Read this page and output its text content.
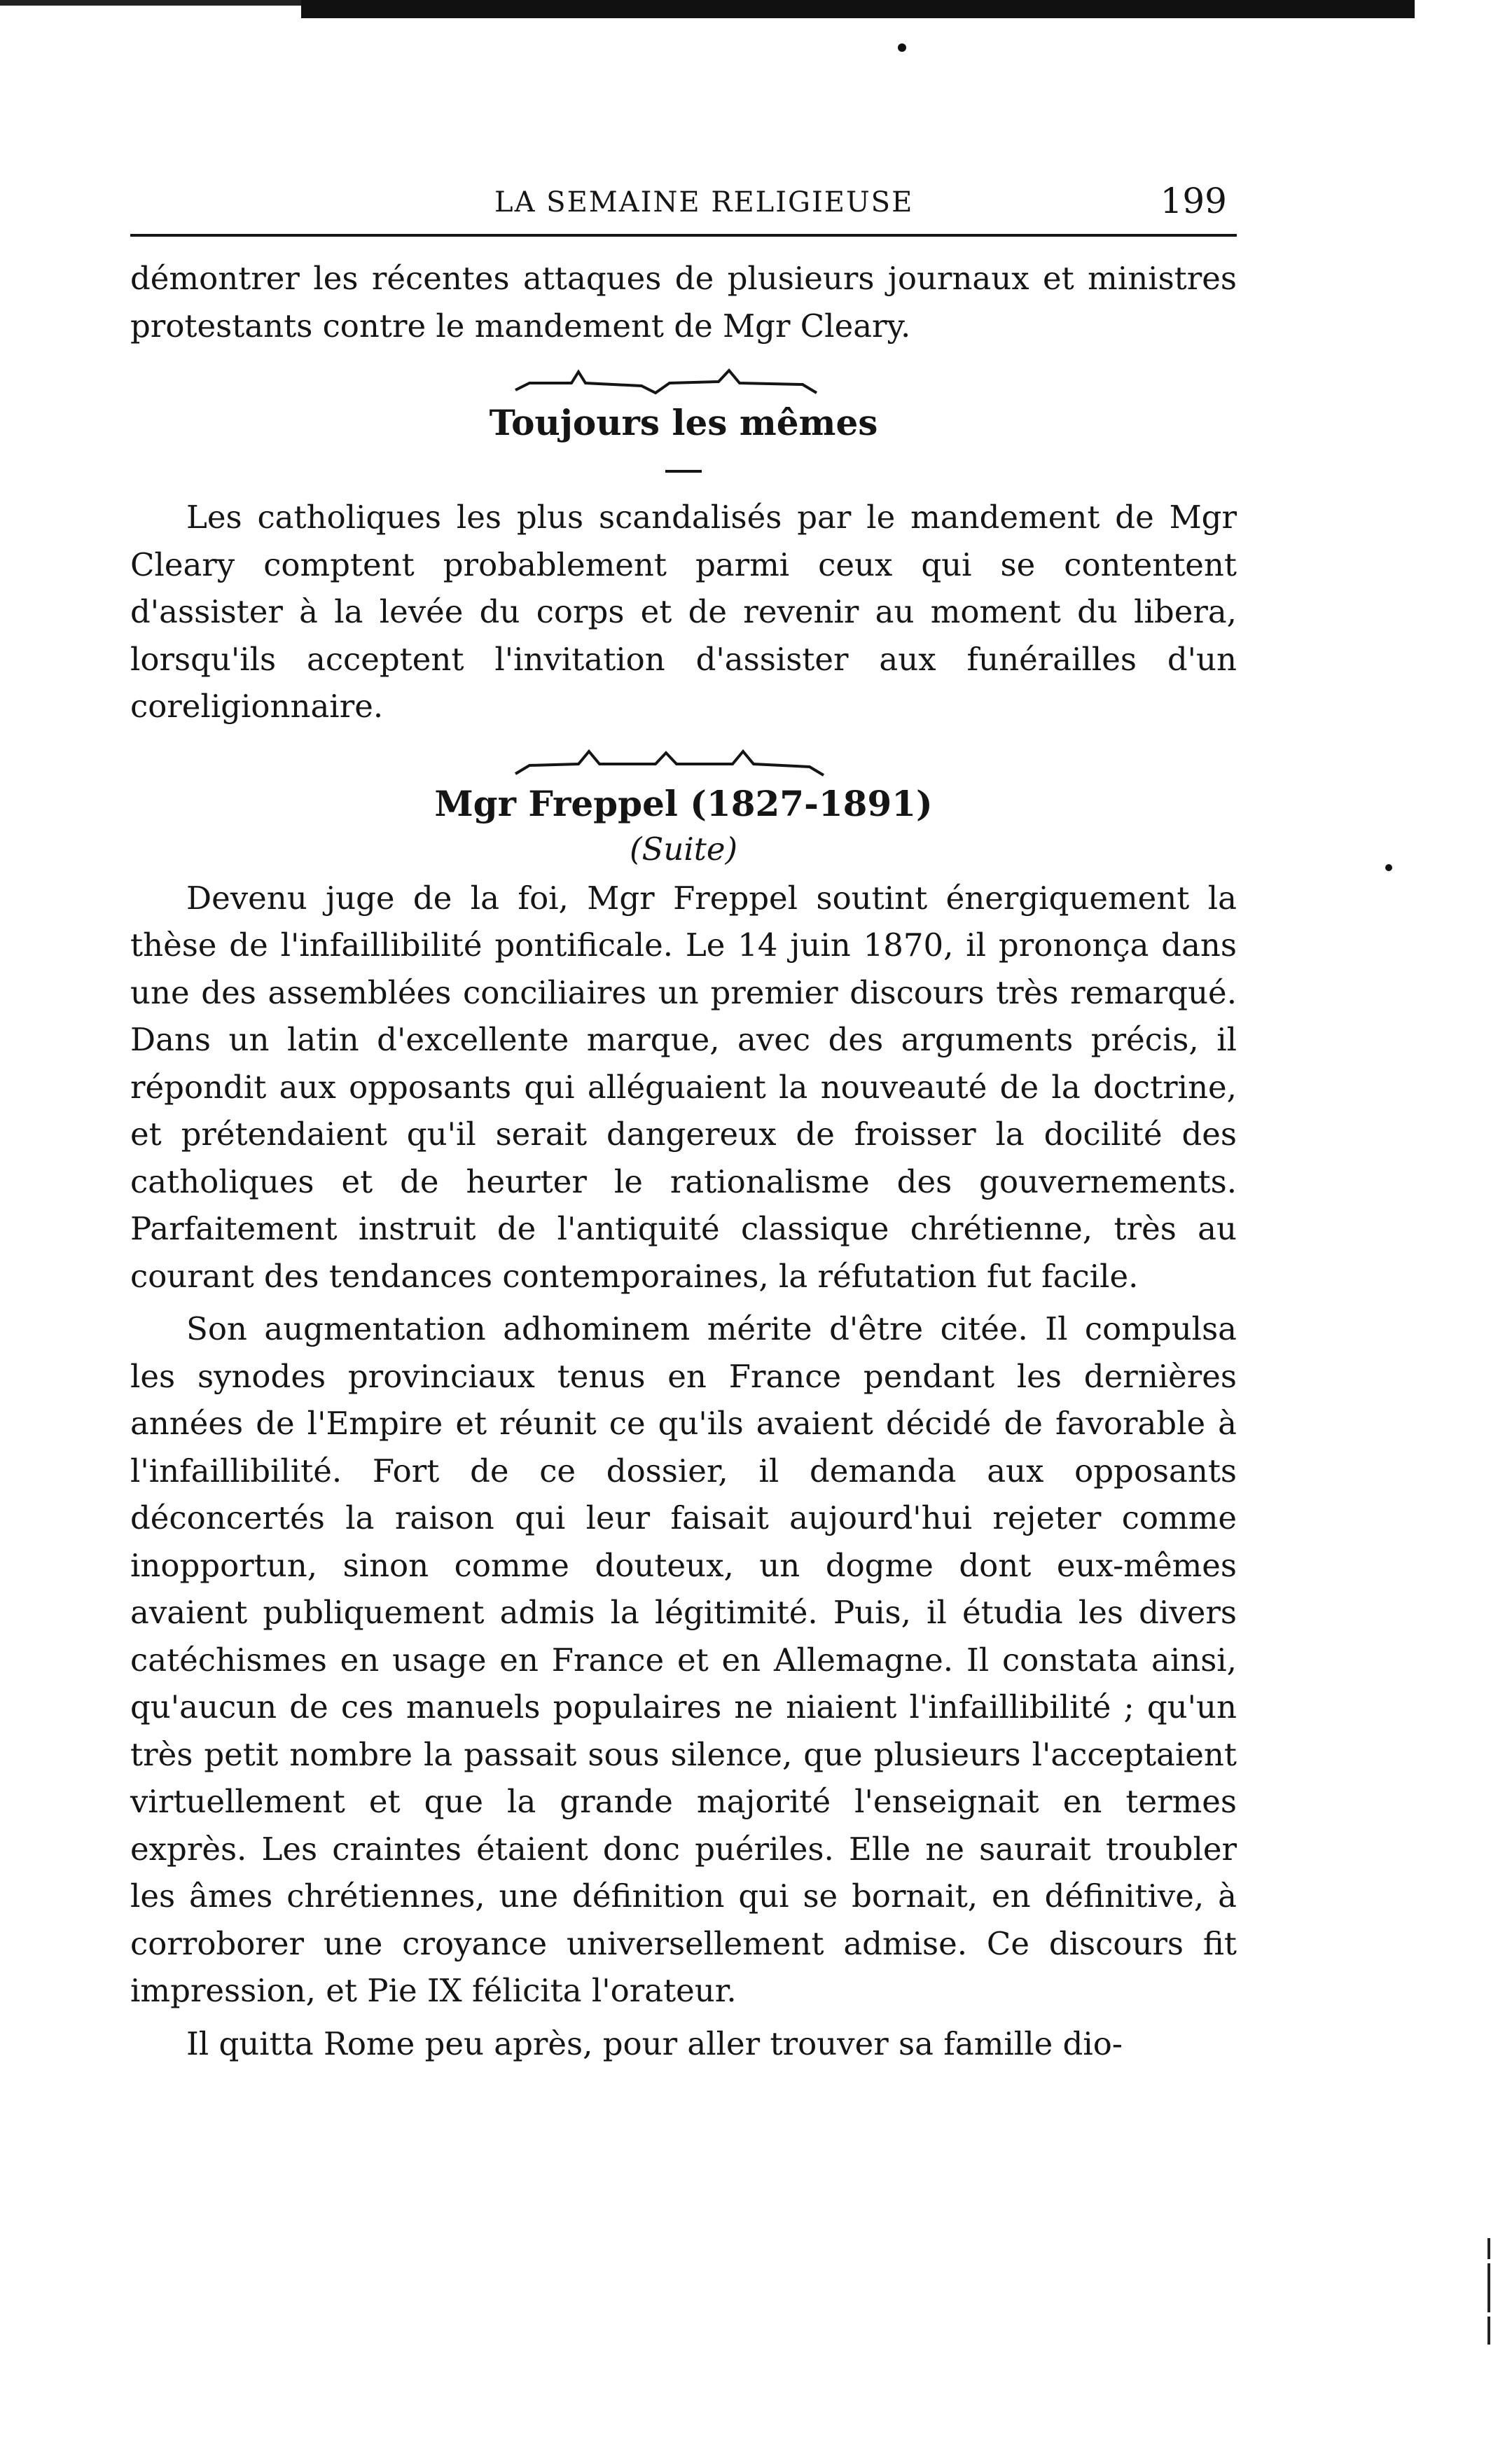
LA SEMAINE RELIGIEUSE	199

démontrer les récentes attaques de plusieurs journaux et ministres protestants contre le mandement de Mgr Cleary.

Toujours les mêmes

Les catholiques les plus scandalisés par le mandement de Mgr Cleary comptent probablement parmi ceux qui se contentent d'assister à la levée du corps et de revenir au moment du libera, lorsqu'ils acceptent l'invitation d'assister aux funérailles d'un coreligionnaire.

Mgr Freppel (1827-1891)
(Suite)

Devenu juge de la foi, Mgr Freppel soutint énergiquement la thèse de l'infaillibilité pontificale. Le 14 juin 1870, il prononça dans une des assemblées conciliaires un premier discours très remarqué. Dans un latin d'excellente marque, avec des arguments précis, il répondit aux opposants qui alléguaient la nouveauté de la doctrine, et prétendaient qu'il serait dangereux de froisser la docilité des catholiques et de heurter le rationalisme des gouvernements. Parfaitement instruit de l'antiquité classique chrétienne, très au courant des tendances contemporaines, la réfutation fut facile.

Son augmentation adhominem mérite d'être citée. Il compulsa les synodes provinciaux tenus en France pendant les dernières années de l'Empire et réunit ce qu'ils avaient décidé de favorable à l'infaillibilité. Fort de ce dossier, il demanda aux opposants déconcertés la raison qui leur faisait aujourd'hui rejeter comme inopportun, sinon comme douteux, un dogme dont eux-mêmes avaient publiquement admis la légitimité. Puis, il étudia les divers catéchismes en usage en France et en Allemagne. Il constata ainsi, qu'aucun de ces manuels populaires ne niaient l'infaillibilité ; qu'un très petit nombre la passait sous silence, que plusieurs l'acceptaient virtuellement et que la grande majorité l'enseignait en termes exprès. Les craintes étaient donc puériles. Elle ne saurait troubler les âmes chrétiennes, une définition qui se bornait, en définitive, à corroborer une croyance universellement admise. Ce discours fit impression, et Pie IX félicita l'orateur.

Il quitta Rome peu après, pour aller trouver sa famille dio-
